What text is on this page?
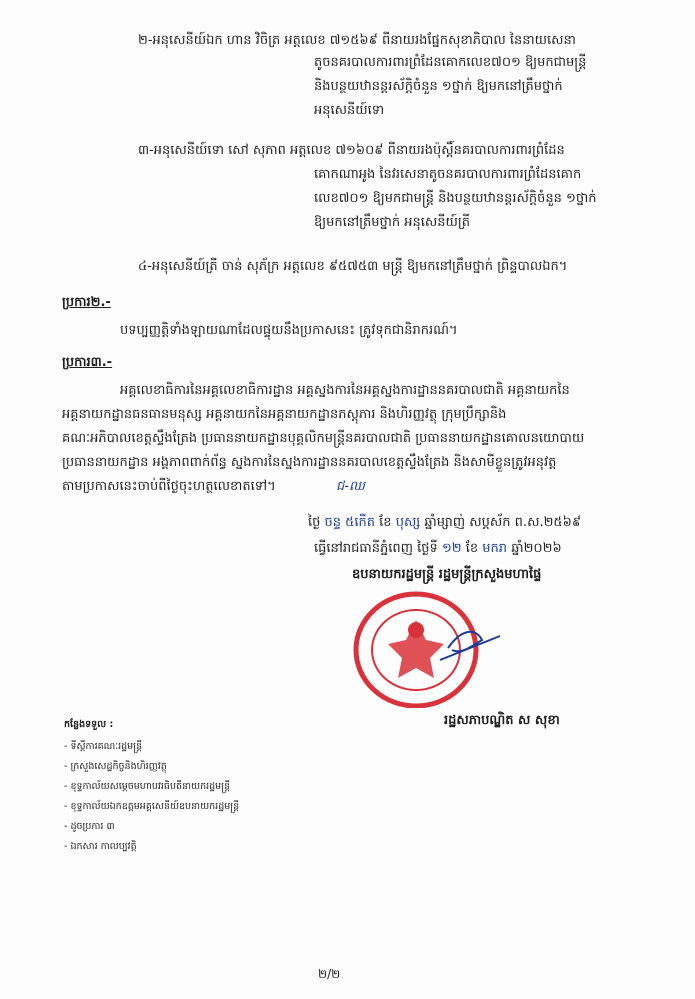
២-អនុសេនីយ៍ឯក ហាន វិចិត្រ អត្តលេខ ៧១៥៦៩ ពីនាយរងផ្នែកសុខាភិបាល នៃនាយសេនា
តូចនគរបាលការពារព្រំដែនគោកលេខ៧០១ ឱ្យមកជាមន្ត្រី
និងបន្ថយឋានន្តរស័ក្តិចំនួន ១ថ្នាក់ ឱ្យមកនៅត្រឹមថ្នាក់
អនុសេនីយ៍ទោ
៣-អនុសេនីយ៍ទោ សៅ សុភាព អត្តលេខ ៧១៦០៩ ពីនាយរងប៉ុស្តិ៍នគរបាលការពារព្រំដែន
គោកណាអូង នៃវរសេនាតូចនគរបាលការពារព្រំដែនគោក
លេខ៧០១ ឱ្យមកជាមន្ត្រី និងបន្ថយឋានន្តរស័ក្តិចំនួន ១ថ្នាក់
ឱ្យមកនៅត្រឹមថ្នាក់ អនុសេនីយ៍ត្រី
៤-អនុសេនីយ៍ត្រី ចាន់ សុភ័ក្រ អត្តលេខ ៩៥៧៥៣ មន្ត្រី ឱ្យមកនៅត្រឹមថ្នាក់ ព្រិន្ទបាលឯក។
ប្រការ២.-
បទប្បញ្ញត្តិទាំងឡាយណាដែលផ្ទុយនឹងប្រកាសនេះ ត្រូវទុកជានិរាករណ៍។
ប្រការ៣.-
អគ្គលេខាធិការនៃអគ្គលេខាធិការដ្ឋាន អគ្គស្នងការនៃអគ្គស្នងការដ្ឋាននគរបាលជាតិ អគ្គនាយកនៃ
អគ្គនាយកដ្ឋានធនធានមនុស្ស អគ្គនាយកនៃអគ្គនាយកដ្ឋានភស្តុភារ និងហិរញ្ញវត្ថុ ក្រុមប្រឹក្សានិង
គណៈអភិបាលខេត្តស្ទឹងត្រែង ប្រធាននាយកដ្ឋានបុគ្គលិកមន្ត្រីនគរបាលជាតិ ប្រធាននាយកដ្ឋានគោលនយោបាយ
ប្រធាននាយកដ្ឋាន អង្គភាពពាក់ព័ន្ធ ស្នងការនៃស្នងការដ្ឋាននគរបាលខេត្តស្ទឹងត្រែង និងសាមីខ្លួនត្រូវអនុវត្ត
តាមប្រកាសនេះចាប់ពីថ្ងៃចុះហត្ថលេខាតទៅ។	ជ-ឈ
ថ្ងៃ ចន្ទ ៥កើត ខែ បុស្ស ឆ្នាំម្សាញ់ សប្តស័ក ព.ស.២៥៦៩
ធ្វើនៅរាជធានីភ្នំពេញ ថ្ងៃទី ១២ ខែ មករា ឆ្នាំ២០២៦
ឧបនាយករដ្ឋមន្ត្រី រដ្ឋមន្ត្រីក្រសួងមហាផ្ទៃ
រដ្ឋសភាបណ្ឌិត ស សុខា
កន្លែងទទួល :
- ទីស្តីការគណៈរដ្ឋមន្ត្រី
- ក្រសួងសេដ្ឋកិច្ចនិងហិរញ្ញវត្ថុ
- ខុទ្ទកាល័យសម្តេចមហាបវរធិបតីនាយករដ្ឋមន្ត្រី
- ខុទ្ទកាល័យឯកឧត្តមអគ្គសេនីយ៍ឧបនាយករដ្ឋមន្ត្រី
- ដូចប្រការ ៣
- ឯកសារ កាលប្បវត្តិ
២/២
